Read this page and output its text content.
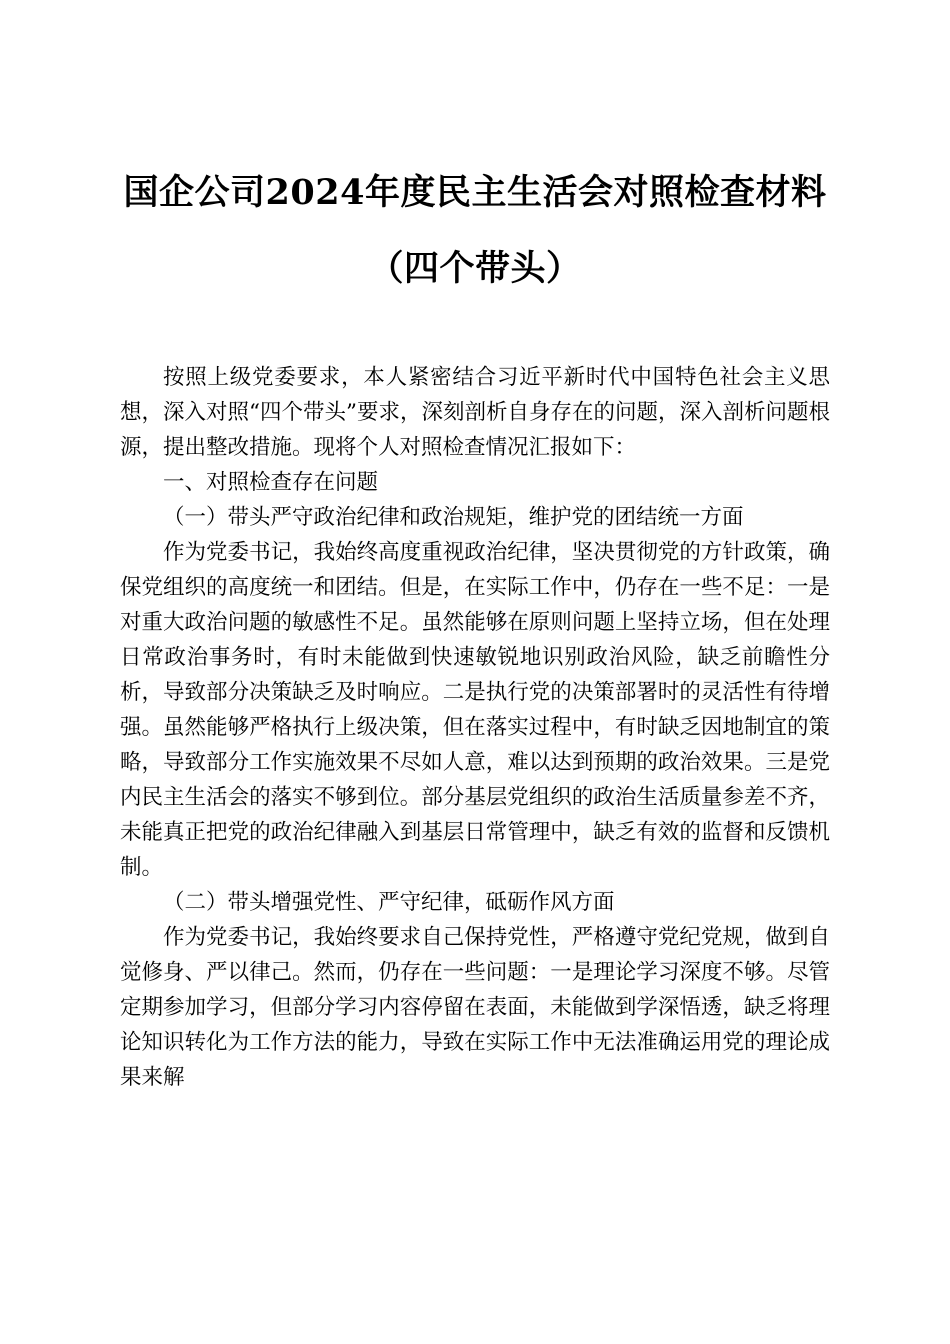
国企公司2024年度民主生活会对照检查材料
（四个带头）

按照上级党委要求，本人紧密结合习近平新时代中国特色社会主义思想，深入对照“四个带头”要求，深刻剖析自身存在的问题，深入剖析问题根源，提出整改措施。现将个人对照检查情况汇报如下：

一、对照检查存在问题

（一）带头严守政治纪律和政治规矩，维护党的团结统一方面

作为党委书记，我始终高度重视政治纪律，坚决贯彻党的方针政策，确保党组织的高度统一和团结。但是，在实际工作中，仍存在一些不足：一是对重大政治问题的敏感性不足。虽然能够在原则问题上坚持立场，但在处理日常政治事务时，有时未能做到快速敏锐地识别政治风险，缺乏前瞻性分析，导致部分决策缺乏及时响应。二是执行党的决策部署时的灵活性有待增强。虽然能够严格执行上级决策，但在落实过程中，有时缺乏因地制宜的策略，导致部分工作实施效果不尽如人意，难以达到预期的政治效果。三是党内民主生活会的落实不够到位。部分基层党组织的政治生活质量参差不齐，未能真正把党的政治纪律融入到基层日常管理中，缺乏有效的监督和反馈机制。

（二）带头增强党性、严守纪律，砥砺作风方面

作为党委书记，我始终要求自己保持党性，严格遵守党纪党规，做到自觉修身、严以律己。然而，仍存在一些问题：一是理论学习深度不够。尽管定期参加学习，但部分学习内容停留在表面，未能做到学深悟透，缺乏将理论知识转化为工作方法的能力，导致在实际工作中无法准确运用党的理论成果来解
